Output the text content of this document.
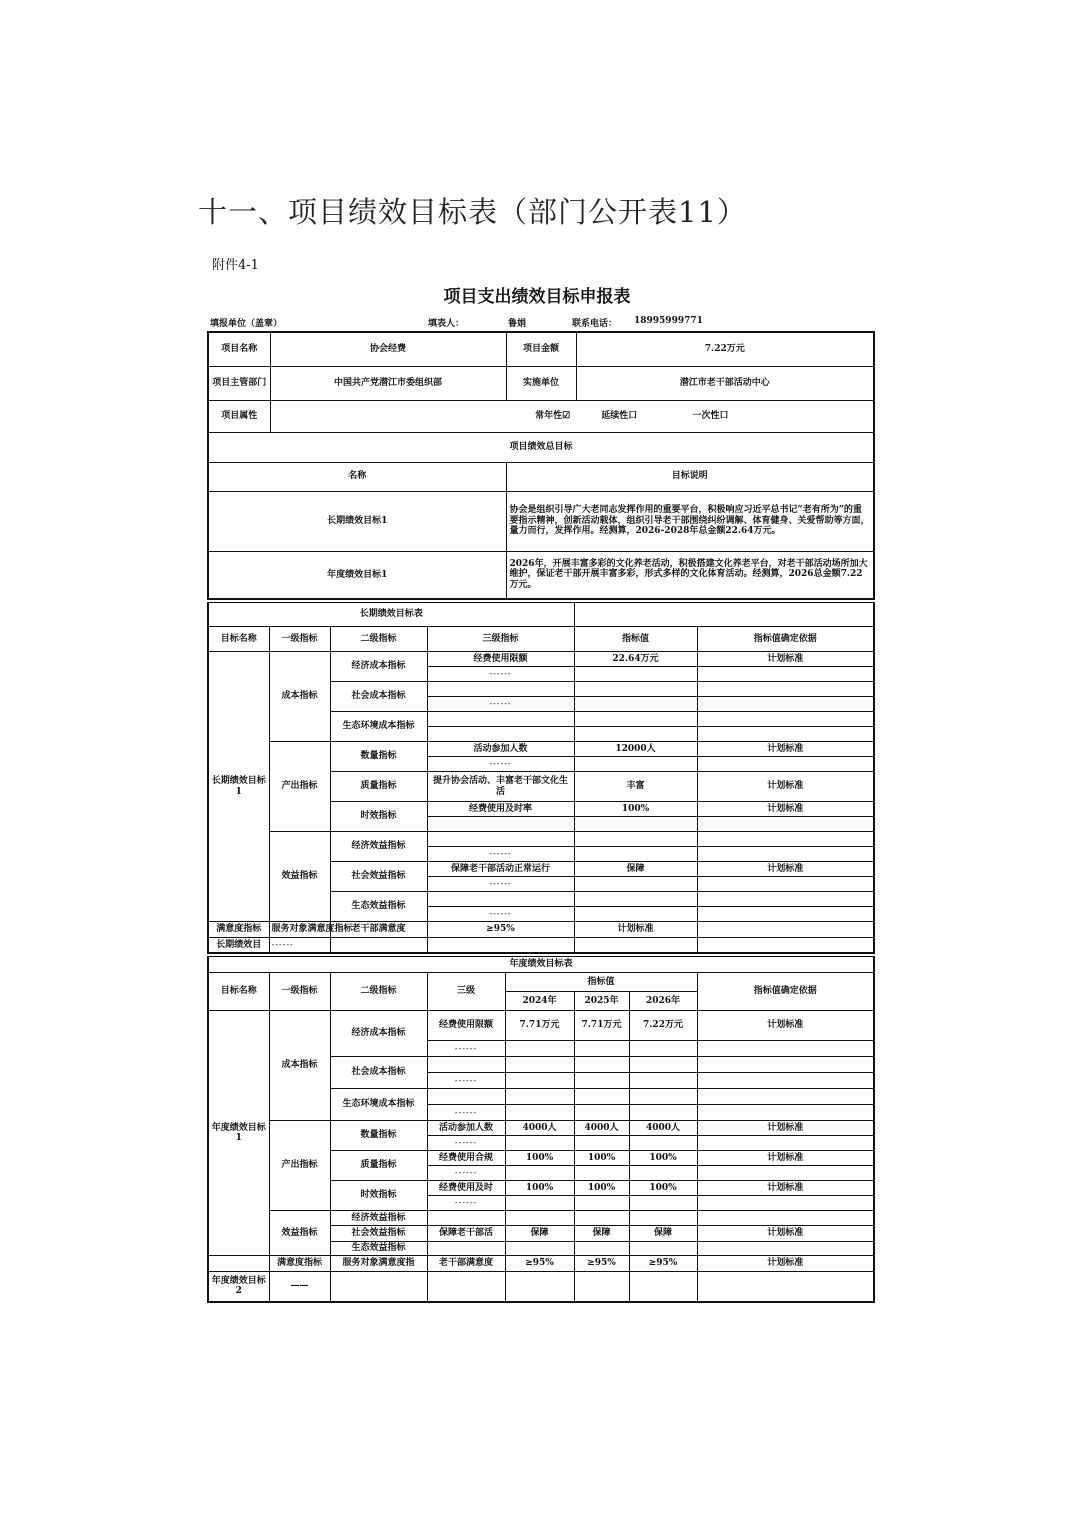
十一、项目绩效目标表（部门公开表11）
附件4-1
项目支出绩效目标申报表
填报单位（盖章）	填表人：	鲁娟	联系电话： 18995999771
项目名称	协会经费	项目金额	7.22万元
项目主管部门	中国共产党潜江市委组织部	实施单位	潜江市老干部活动中心
项目属性	常年性☑ 延续性口 一次性口		
项目绩效总目标			
名称		目标说明	
长期绩效目标1		协会是组织引导广大老同志发挥作用的重要平台，积极响应习近平总书记“老有所为”的重要指示精神，创新活动载体，组织引导老干部围绕纠纷调解、体育健身、关爱帮助等方面，量力而行，发挥作用。经测算，2026-2028年总金额22.64万元。	
年度绩效目标1		2026年，开展丰富多彩的文化养老活动，积极搭建文化养老平台，对老干部活动场所加大维护，保证老干部开展丰富多彩，形式多样的文化体育活动。经测算，2026总金额7.22万元。	
长期绩效目标表					
目标名称	一级指标	二级指标	三级指标	指标值	指标值确定依据
长期绩效目标1	成本指标	经济成本指标	经费使用限额	22.64万元	计划标准

			------		

		社会成本指标			

			------		

		生态环境成本指标			

	产出指标	数量指标	活动参加人数	12000人	计划标准

			------		

		质量指标	提升协会活动、丰富老干部文化生活	丰富	计划标准

		时效指标	经费使用及时率	100%	计划标准

	效益指标	经济效益指标			

			------		

		社会效益指标	保障老干部活动正常运行	保障	计划标准

			------		

		生态效益指标			

			------		

满意度指标	服务对象满意度指标	老干部满意度	≥95%	计划标准	
长期绩效目	------				

年度绩效目标表							
目标名称	一级指标	二级指标	三级	指标值			指标值确定依据
				2024年	2025年	2026年	
年度绩效目标1	成本指标	经济成本指标	经费使用限额	7.71万元	7.71万元	7.22万元	计划标准

			------				

		社会成本指标					

			------				

		生态环境成本指标					

			------				

	产出指标	数量指标	活动参加人数	4000人	4000人	4000人	计划标准

			------				

		质量指标	经费使用合规	100%	100%	100%	计划标准

			------				

		时效指标	经费使用及时	100%	100%	100%	计划标准

			------				

	效益指标	经济效益指标					
		社会效益指标	保障老干部活	保障	保障	保障	计划标准
		生态效益指标					
	满意度指标	服务对象满意度指	老干部满意度	≥95%	≥95%	≥95%	计划标准
年度绩效目标2	——						
